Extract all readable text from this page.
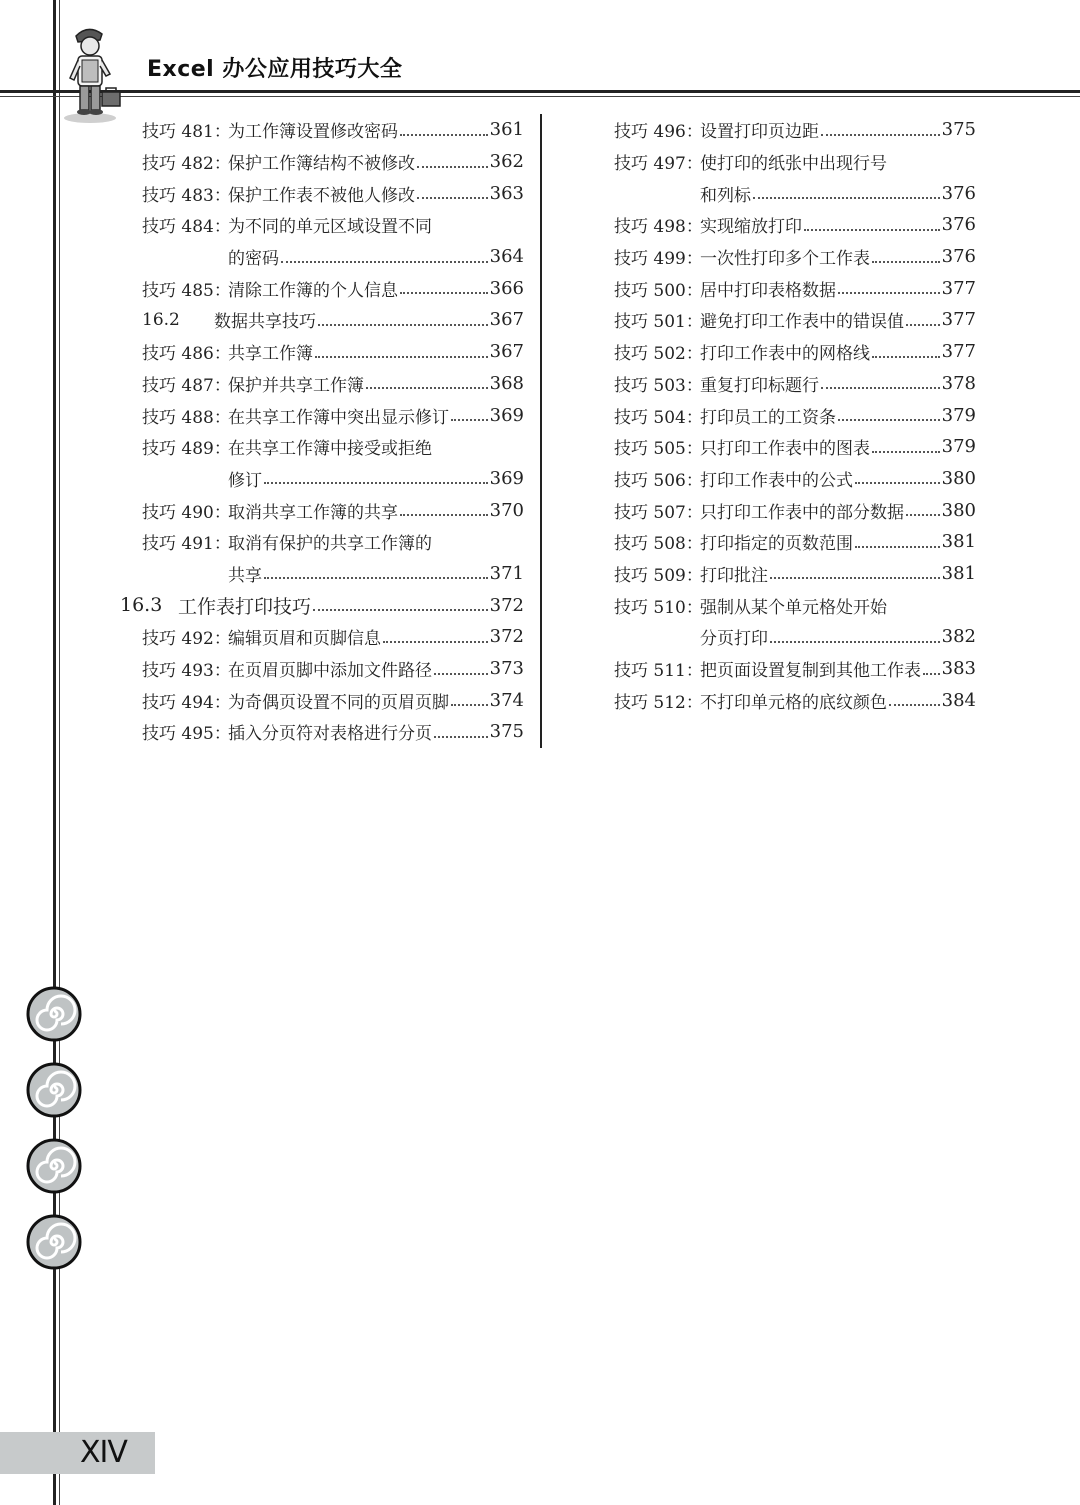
Excel 办公应用技巧大全
技巧 481：
为工作簿设置修改密码	361
技巧 482：
保护工作簿结构不被修改	362
技巧 483：
保护工作表不被他人修改	363
技巧 484：
为不同的单元区域设置不同
的密码	364
技巧 485：
清除工作簿的个人信息	366
16.2	数据共享技巧	367
技巧 486：
共享工作簿	367
技巧 487：
保护并共享工作簿	368
技巧 488：
在共享工作簿中突出显示修订 369
技巧 489：
在共享工作簿中接受或拒绝
修订	369
技巧 490：
取消共享工作簿的共享	370
技巧 491：
取消有保护的共享工作簿的
共享	371
16.3 工作表打印技巧	372
技巧 492：
编辑页眉和页脚信息	372
技巧 493：
在页眉页脚中添加文件路径	373
技巧 494：
为奇偶页设置不同的页眉页脚 374
技巧 495：
插入分页符对表格进行分页	375
技巧 496：
设置打印页边距	375
技巧 497：
使打印的纸张中出现行号
和列标	376
技巧 498：
实现缩放打印	376
技巧 499：
一次性打印多个工作表	376
技巧 500：
居中打印表格数据	377
技巧 501：
避免打印工作表中的错误值 377
技巧 502：
打印工作表中的网格线	377
技巧 503：
重复打印标题行	378
技巧 504：
打印员工的工资条	379
技巧 505：
只打印工作表中的图表	379
技巧 506：
打印工作表中的公式	380
技巧 507：
只打印工作表中的部分数据 380
技巧 508：
打印指定的页数范围	381
技巧 509：
打印批注	381
技巧 510：
强制从某个单元格处开始
分页打印	382
技巧 511：
把页面设置复制到其他工作表 383
技巧 512：
不打印单元格的底纹颜色	384
XIV
